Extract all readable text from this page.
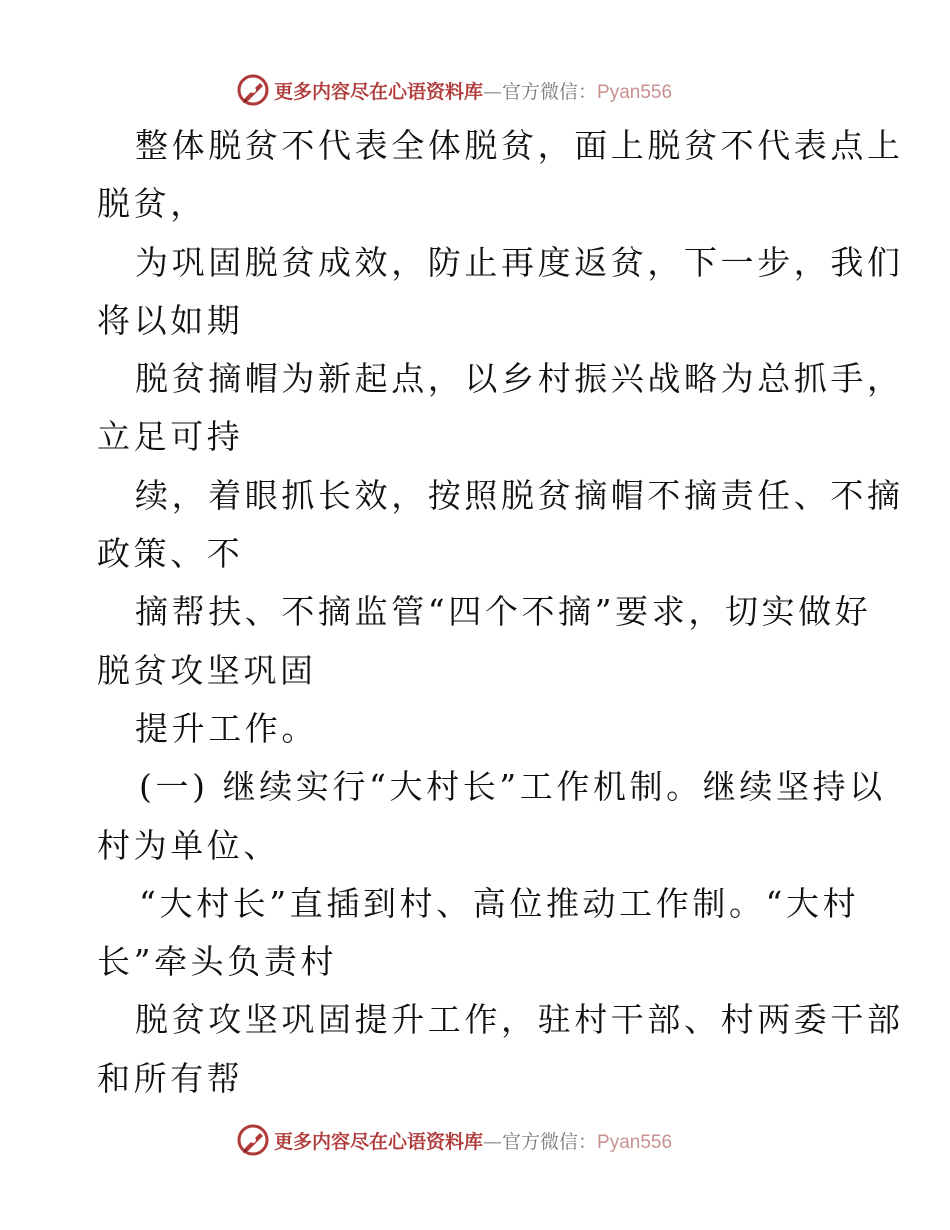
更多内容尽在心语资料库—官方微信：Pyan556
整体脱贫不代表全体脱贫，面上脱贫不代表点上
脱贫，
为巩固脱贫成效，防止再度返贫，下一步，我们
将以如期
脱贫摘帽为新起点，以乡村振兴战略为总抓手，
立足可持
续，着眼抓长效，按照脱贫摘帽不摘责任、不摘
政策、不
摘帮扶、不摘监管“四个不摘”要求，切实做好
脱贫攻坚巩固
提升工作。
(一) 继续实行“大村长”工作机制。继续坚持以
村为单位、
“大村长”直插到村、高位推动工作制。“大村
长”牵头负责村
脱贫攻坚巩固提升工作，驻村干部、村两委干部
和所有帮
更多内容尽在心语资料库—官方微信：Pyan556
